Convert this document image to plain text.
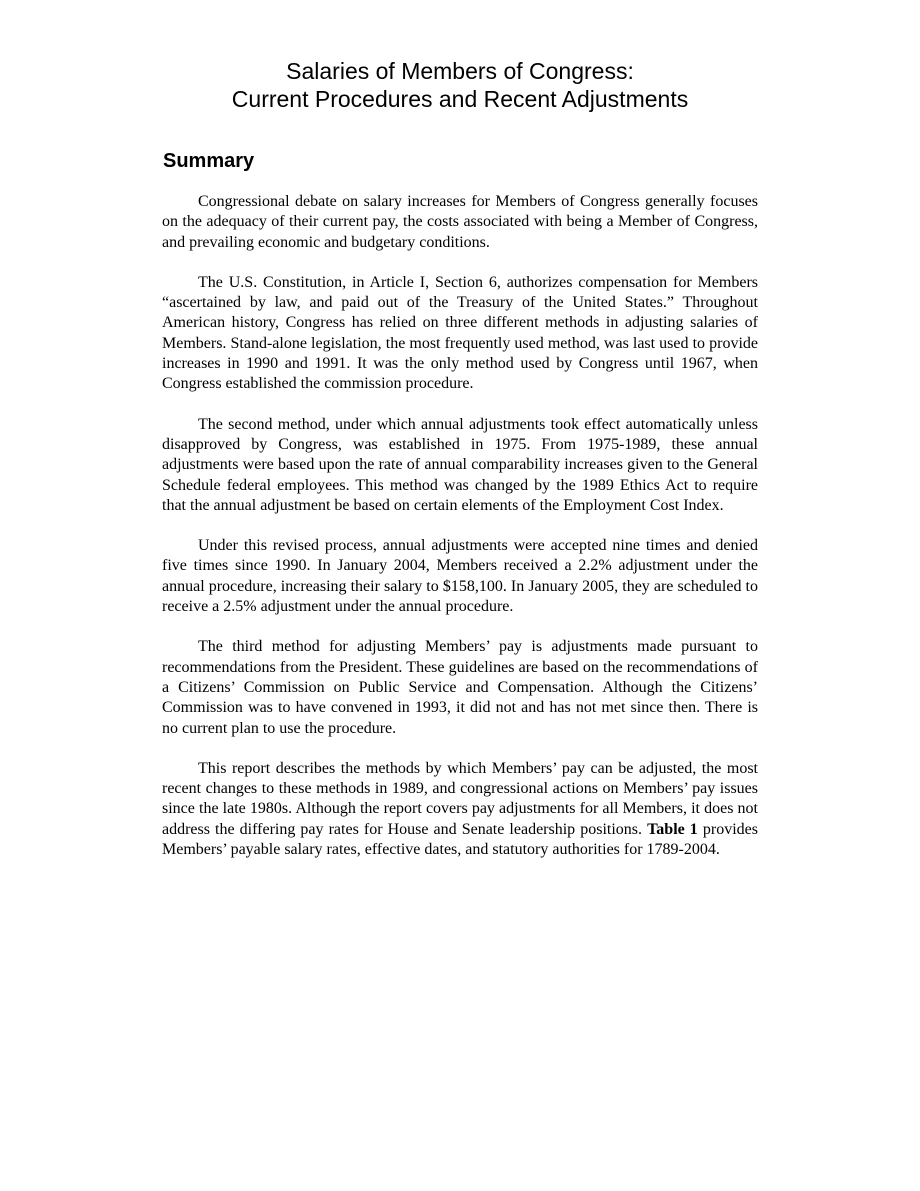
Salaries of Members of Congress:
Current Procedures and Recent Adjustments
Summary

Congressional debate on salary increases for Members of Congress generally focuses on the adequacy of their current pay, the costs associated with being a Member of Congress, and prevailing economic and budgetary conditions.

The U.S. Constitution, in Article I, Section 6, authorizes compensation for Members “ascertained by law, and paid out of the Treasury of the United States.” Throughout American history, Congress has relied on three different methods in adjusting salaries of Members. Stand-alone legislation, the most frequently used method, was last used to provide increases in 1990 and 1991. It was the only method used by Congress until 1967, when Congress established the commission procedure.

The second method, under which annual adjustments took effect automatically unless disapproved by Congress, was established in 1975. From 1975-1989, these annual adjustments were based upon the rate of annual comparability increases given to the General Schedule federal employees. This method was changed by the 1989 Ethics Act to require that the annual adjustment be based on certain elements of the Employment Cost Index.

Under this revised process, annual adjustments were accepted nine times and denied five times since 1990. In January 2004, Members received a 2.2% adjustment under the annual procedure, increasing their salary to $158,100. In January 2005, they are scheduled to receive a 2.5% adjustment under the annual procedure.

The third method for adjusting Members’ pay is adjustments made pursuant to recommendations from the President. These guidelines are based on the recommendations of a Citizens’ Commission on Public Service and Compensation. Although the Citizens’ Commission was to have convened in 1993, it did not and has not met since then. There is no current plan to use the procedure.

This report describes the methods by which Members’ pay can be adjusted, the most recent changes to these methods in 1989, and congressional actions on Members’ pay issues since the late 1980s. Although the report covers pay adjustments for all Members, it does not address the differing pay rates for House and Senate leadership positions. Table 1 provides Members’ payable salary rates, effective dates, and statutory authorities for 1789-2004.
